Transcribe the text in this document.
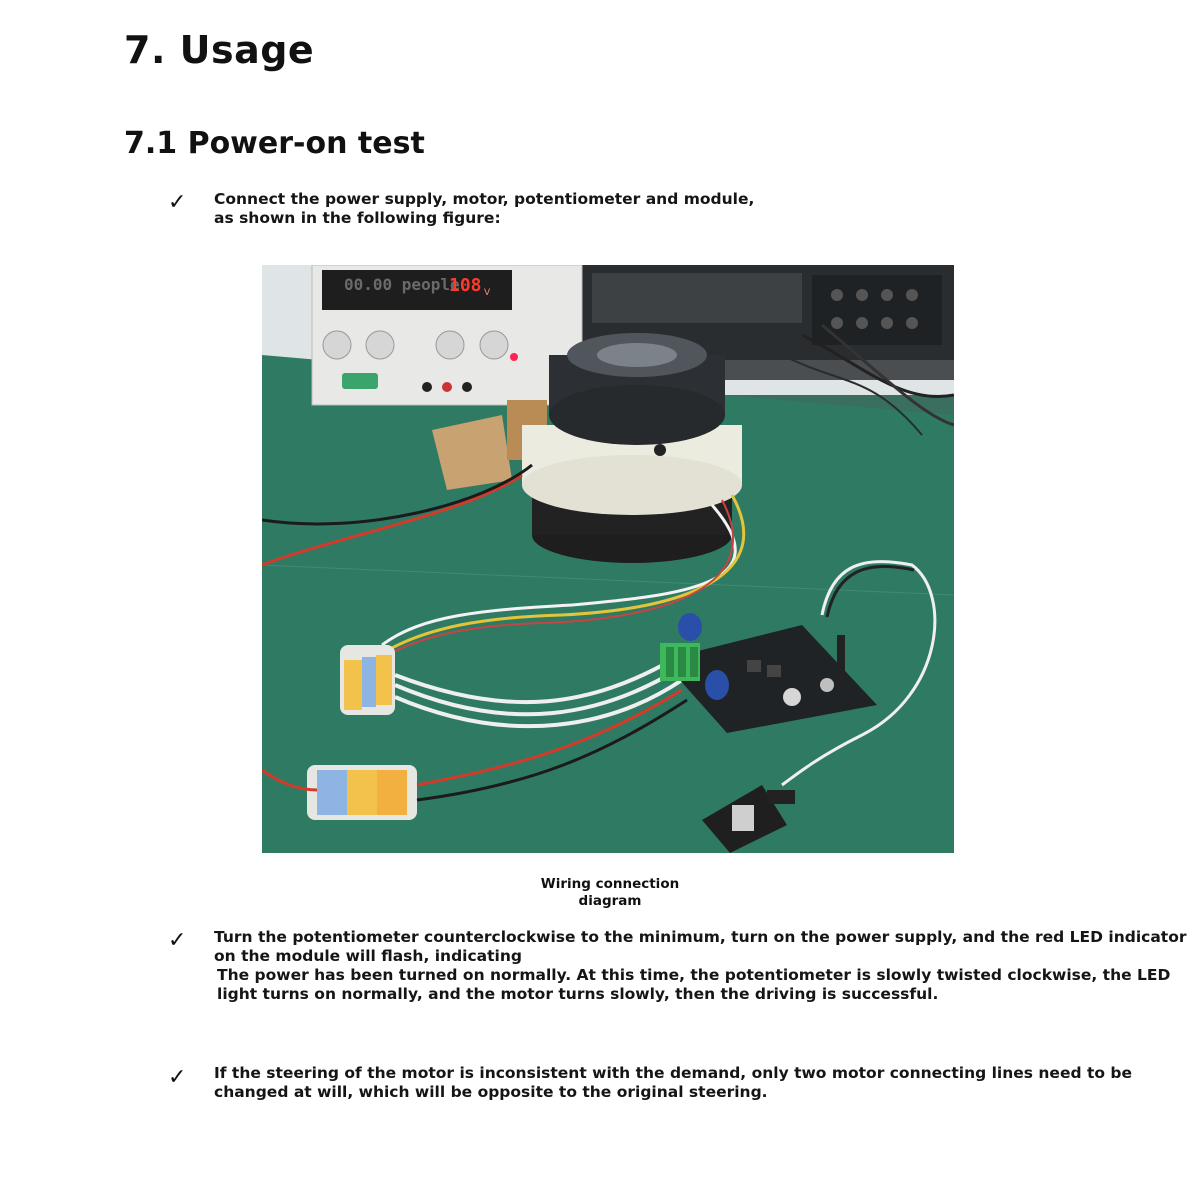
7. Usage
7.1 Power-on test
✓ Connect the power supply, motor, potentiometer and module,
as shown in the following figure:
00.00 people
108 V
Wiring connection
diagram
✓ Turn the potentiometer counterclockwise to the minimum, turn on the power supply, and the red LED indicator
on the module will flash, indicating
The power has been turned on normally. At this time, the potentiometer is slowly twisted clockwise, the LED
light turns on normally, and the motor turns slowly, then the driving is successful.
✓ If the steering of the motor is inconsistent with the demand, only two motor connecting lines need to be
changed at will, which will be opposite to the original steering.
